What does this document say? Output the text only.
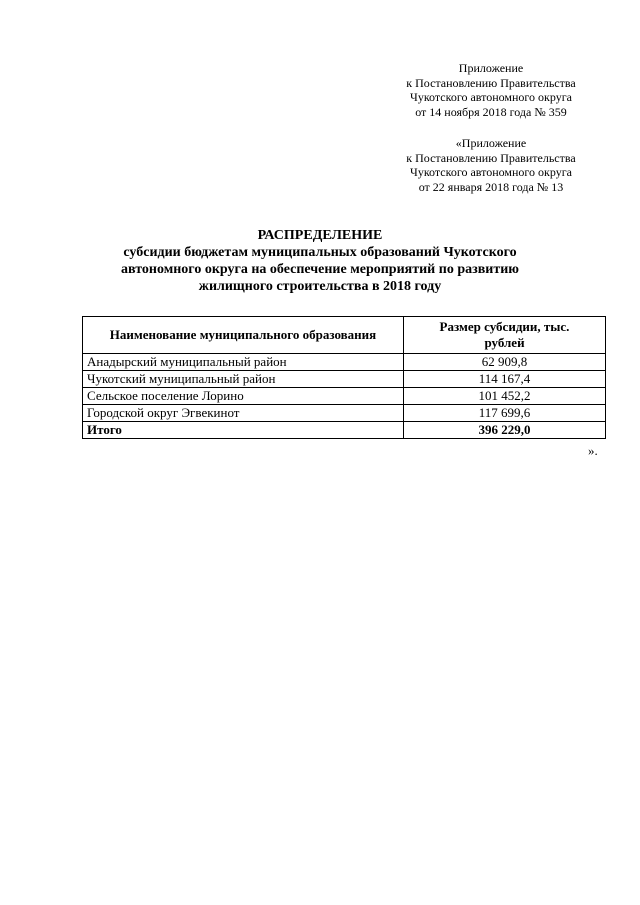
Приложение
к Постановлению Правительства
Чукотского автономного округа
от 14 ноября 2018 года № 359
«Приложение
к Постановлению Правительства
Чукотского автономного округа
от 22 января 2018 года № 13
РАСПРЕДЕЛЕНИЕ
субсидии бюджетам муниципальных образований Чукотского
автономного округа на обеспечение мероприятий по развитию
жилищного строительства в 2018 году
Наименование муниципального образования	Размер субсидии, тыс.
рублей

Анадырский муниципальный район	62 909,8
Чукотский муниципальный район	114 167,4
Сельское поселение Лорино	101 452,2
Городской округ Эгвекинот	117 699,6
Итого	396 229,0
».
